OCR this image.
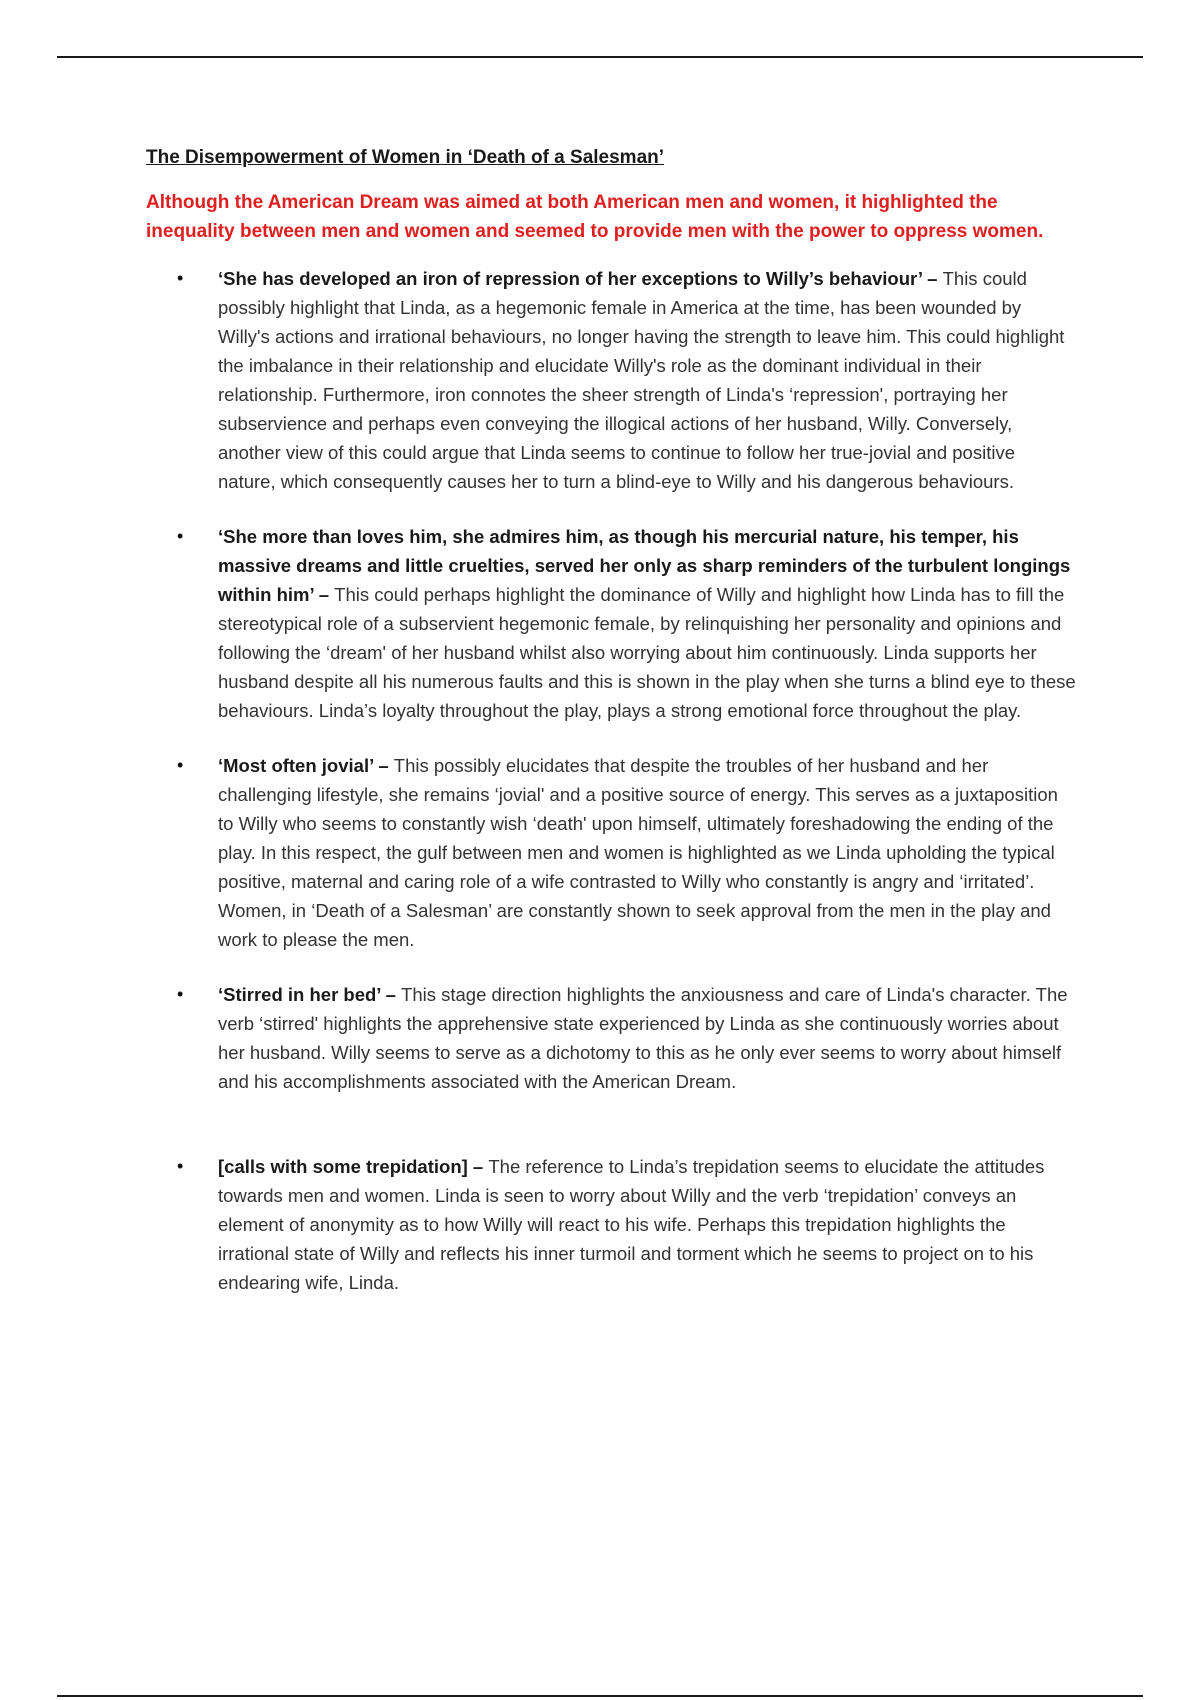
The Disempowerment of Women in ‘Death of a Salesman’
Although the American Dream was aimed at both American men and women, it highlighted the inequality between men and women and seemed to provide men with the power to oppress women.
• ‘She has developed an iron of repression of her exceptions to Willy’s behaviour’ – This could possibly highlight that Linda, as a hegemonic female in America at the time, has been wounded by Willy's actions and irrational behaviours, no longer having the strength to leave him. This could highlight the imbalance in their relationship and elucidate Willy's role as the dominant individual in their relationship. Furthermore, iron connotes the sheer strength of Linda's ‘repression', portraying her subservience and perhaps even conveying the illogical actions of her husband, Willy. Conversely, another view of this could argue that Linda seems to continue to follow her true-jovial and positive nature, which consequently causes her to turn a blind-eye to Willy and his dangerous behaviours.
• ‘She more than loves him, she admires him, as though his mercurial nature, his temper, his massive dreams and little cruelties, served her only as sharp reminders of the turbulent longings within him’ – This could perhaps highlight the dominance of Willy and highlight how Linda has to fill the stereotypical role of a subservient hegemonic female, by relinquishing her personality and opinions and following the ‘dream' of her husband whilst also worrying about him continuously. Linda supports her husband despite all his numerous faults and this is shown in the play when she turns a blind eye to these behaviours. Linda’s loyalty throughout the play, plays a strong emotional force throughout the play.
• ‘Most often jovial’ – This possibly elucidates that despite the troubles of her husband and her challenging lifestyle, she remains ‘jovial' and a positive source of energy. This serves as a juxtaposition to Willy who seems to constantly wish ‘death' upon himself, ultimately foreshadowing the ending of the play. In this respect, the gulf between men and women is highlighted as we Linda upholding the typical positive, maternal and caring role of a wife contrasted to Willy who constantly is angry and ‘irritated’. Women, in ‘Death of a Salesman’ are constantly shown to seek approval from the men in the play and work to please the men.
• ‘Stirred in her bed’ – This stage direction highlights the anxiousness and care of Linda's character. The verb ‘stirred' highlights the apprehensive state experienced by Linda as she continuously worries about her husband. Willy seems to serve as a dichotomy to this as he only ever seems to worry about himself and his accomplishments associated with the American Dream.
• [calls with some trepidation] – The reference to Linda’s trepidation seems to elucidate the attitudes towards men and women. Linda is seen to worry about Willy and the verb ‘trepidation’ conveys an element of anonymity as to how Willy will react to his wife. Perhaps this trepidation highlights the irrational state of Willy and reflects his inner turmoil and torment which he seems to project on to his endearing wife, Linda.
